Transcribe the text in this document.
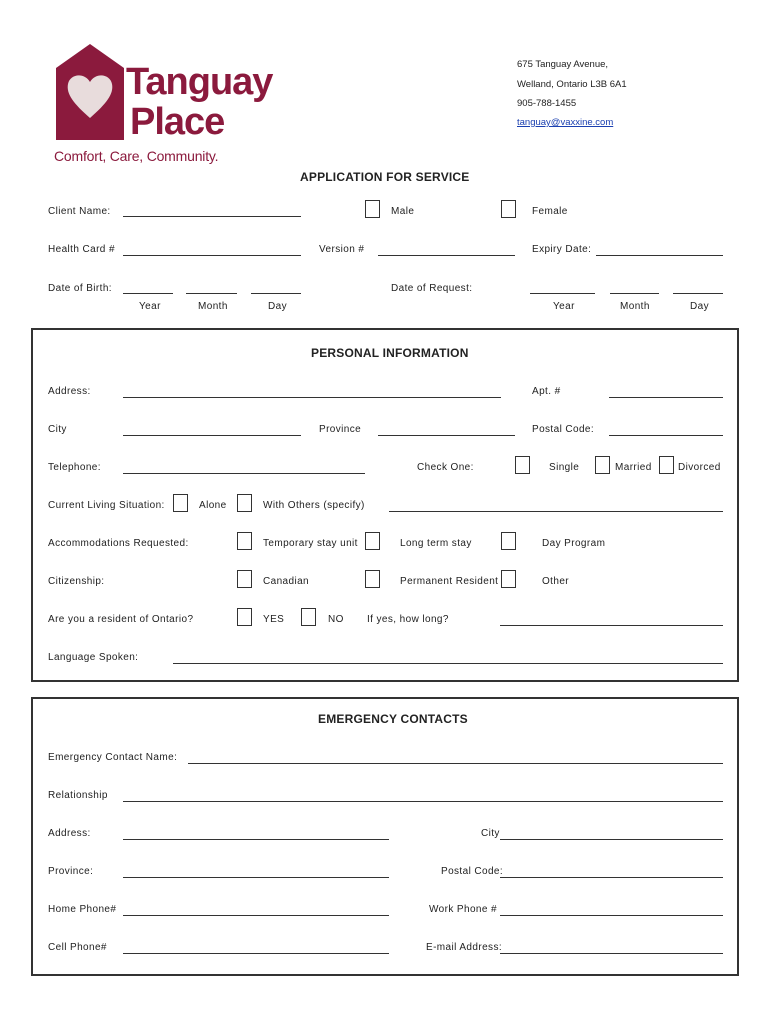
Tanguay
Place
Comfort, Care, Community.
675 Tanguay Avenue,
Welland, Ontario L3B 6A1
905-788-1455
tanguay@vaxxine.com
APPLICATION FOR SERVICE
Client Name:	Male	Female
Health Card #	Version #	Expiry Date:
Date of Birth:
Year	Month	Day
Date of Request:
Year	Month	Day
PERSONAL INFORMATION
Address:	Apt. #
City	Province	Postal Code:
Telephone:	Check One:	Single	Married	Divorced
Current Living Situation:	Alone	With Others (specify)
Accommodations Requested:	Temporary stay unit	Long term stay	Day Program
Citizenship:	Canadian	Permanent Resident	Other
Are you a resident of Ontario?	YES	NO If yes, how long?
Language Spoken:
EMERGENCY CONTACTS
Emergency Contact Name:
Relationship
Address:	City
Province:	Postal Code:
Home Phone#	Work Phone #
Cell Phone#	E-mail Address:
